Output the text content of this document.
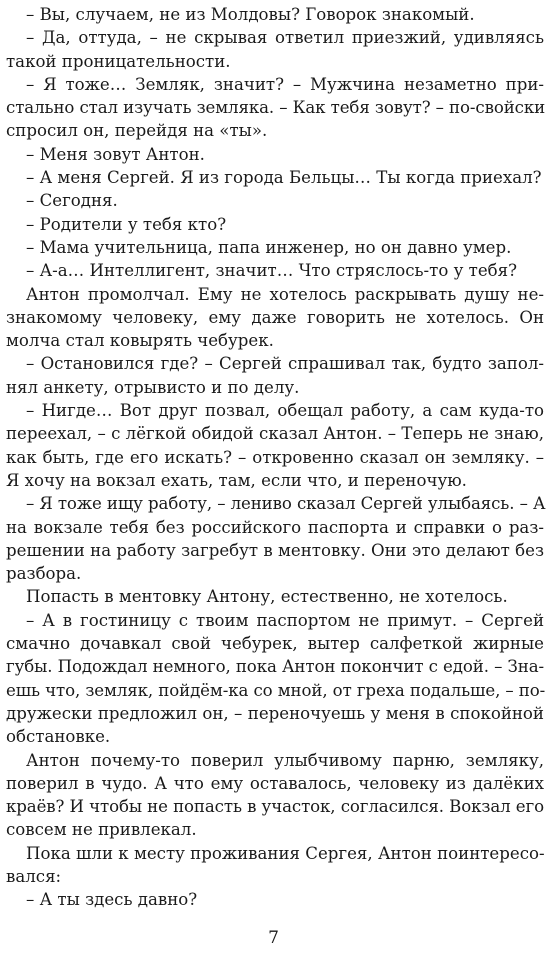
– Вы, случаем, не из Молдовы? Говорок знакомый.
– Да, оттуда, – не скрывая ответил приезжий, удивляясь
такой проницательности.
– Я тоже… Земляк, значит? – Мужчина незаметно при-
стально стал изучать земляка. – Как тебя зовут? – по-свойски
спросил он, перейдя на «ты».
– Меня зовут Антон.
– А меня Сергей. Я из города Бельцы… Ты когда приехал?
– Сегодня.
– Родители у тебя кто?
– Мама учительница, папа инженер, но он давно умер.
– А-а… Интеллигент, значит… Что стряслось-то у тебя?
Антон промолчал. Ему не хотелось раскрывать душу не-
знакомому человеку, ему даже говорить не хотелось. Он
молча стал ковырять чебурек.
– Остановился где? – Сергей спрашивал так, будто запол-
нял анкету, отрывисто и по делу.
– Нигде… Вот друг позвал, обещал работу, а сам куда-то
переехал, – с лёгкой обидой сказал Антон. – Теперь не знаю,
как быть, где его искать? – откровенно сказал он земляку. –
Я хочу на вокзал ехать, там, если что, и переночую.
– Я тоже ищу работу, – лениво сказал Сергей улыбаясь. – А
на вокзале тебя без российского паспорта и справки о раз-
решении на работу загребут в ментовку. Они это делают без
разбора.
Попасть в ментовку Антону, естественно, не хотелось.
– А в гостиницу с твоим паспортом не примут. – Сергей
смачно дочавкал свой чебурек, вытер салфеткой жирные
губы. Подождал немного, пока Антон покончит с едой. – Зна-
ешь что, земляк, пойдём-ка со мной, от греха подальше, – по-
дружески предложил он, – переночуешь у меня в спокойной
обстановке.
Антон почему-то поверил улыбчивому парню, земляку,
поверил в чудо. А что ему оставалось, человеку из далёких
краёв? И чтобы не попасть в участок, согласился. Вокзал его
совсем не привлекал.
Пока шли к месту проживания Сергея, Антон поинтересо-
вался:
– А ты здесь давно?
7
